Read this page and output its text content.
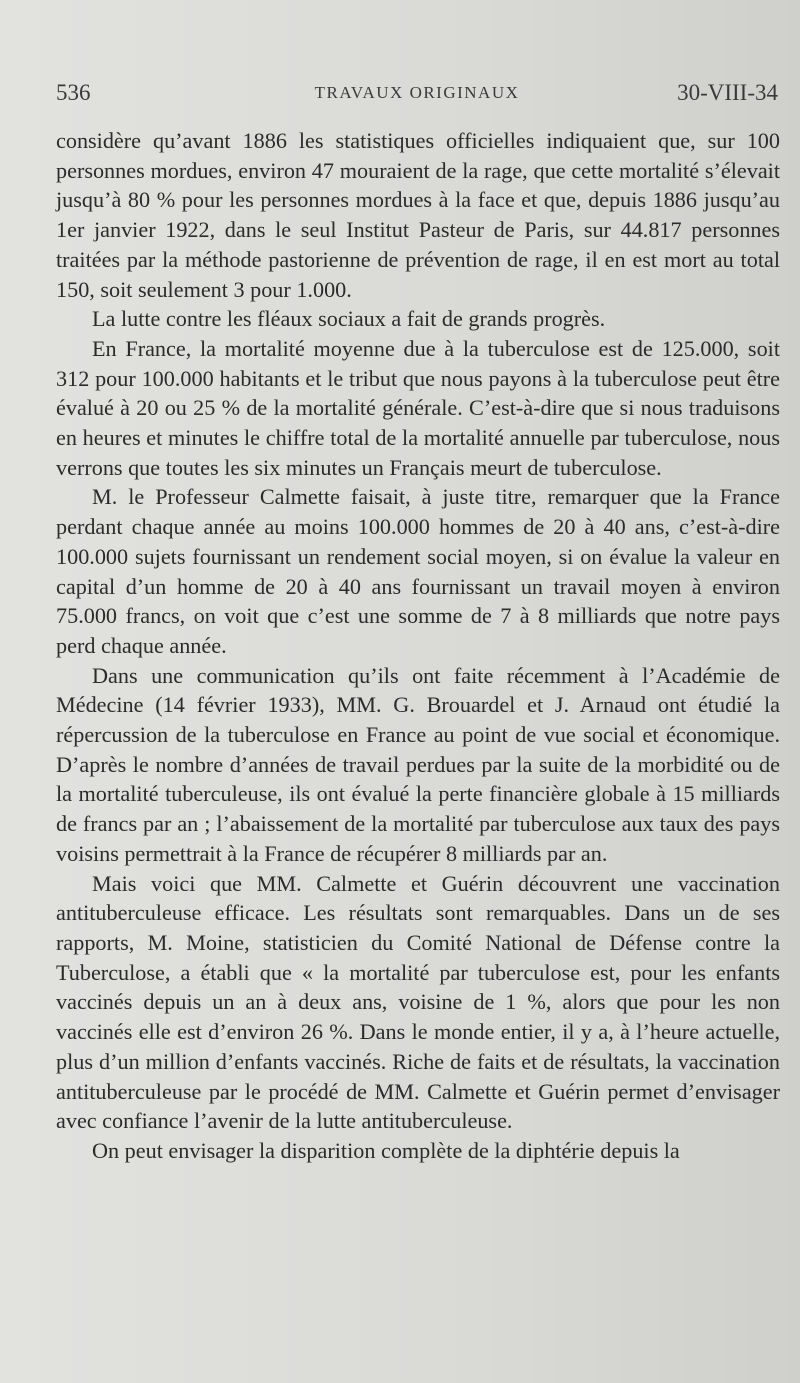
536	TRAVAUX ORIGINAUX	30-VIII-34

considère qu’avant 1886 les statistiques officielles indiquaient que, sur 100 personnes mordues, environ 47 mouraient de la rage, que cette mortalité s’élevait jusqu’à 80 % pour les personnes mordues à la face et que, depuis 1886 jusqu’au 1er janvier 1922, dans le seul Institut Pasteur de Paris, sur 44.817 personnes traitées par la méthode pastorienne de prévention de rage, il en est mort au total 150, soit seulement 3 pour 1.000.

La lutte contre les fléaux sociaux a fait de grands progrès.

En France, la mortalité moyenne due à la tuberculose est de 125.000, soit 312 pour 100.000 habitants et le tribut que nous payons à la tuberculose peut être évalué à 20 ou 25 % de la mortalité générale. C’est-à-dire que si nous traduisons en heures et minutes le chiffre total de la mortalité annuelle par tuberculose, nous verrons que toutes les six minutes un Français meurt de tuberculose.

M. le Professeur Calmette faisait, à juste titre, remarquer que la France perdant chaque année au moins 100.000 hommes de 20 à 40 ans, c’est-à-dire 100.000 sujets fournissant un rendement social moyen, si on évalue la valeur en capital d’un homme de 20 à 40 ans fournissant un travail moyen à environ 75.000 francs, on voit que c’est une somme de 7 à 8 milliards que notre pays perd chaque année.

Dans une communication qu’ils ont faite récemment à l’Académie de Médecine (14 février 1933), MM. G. Brouardel et J. Arnaud ont étudié la répercussion de la tuberculose en France au point de vue social et économique. D’après le nombre d’années de travail perdues par la suite de la morbidité ou de la mortalité tuberculeuse, ils ont évalué la perte financière globale à 15 milliards de francs par an ; l’abaissement de la mortalité par tuberculose aux taux des pays voisins permettrait à la France de récupérer 8 milliards par an.

Mais voici que MM. Calmette et Guérin découvrent une vaccination antituberculeuse efficace. Les résultats sont remarquables. Dans un de ses rapports, M. Moine, statisticien du Comité National de Défense contre la Tuberculose, a établi que « la mortalité par tuberculose est, pour les enfants vaccinés depuis un an à deux ans, voisine de 1 %, alors que pour les non vaccinés elle est d’environ 26 %. Dans le monde entier, il y a, à l’heure actuelle, plus d’un million d’enfants vaccinés. Riche de faits et de résultats, la vaccination antituberculeuse par le procédé de MM. Calmette et Guérin permet d’envisager avec confiance l’avenir de la lutte antituberculeuse.

On peut envisager la disparition complète de la diphtérie depuis la
